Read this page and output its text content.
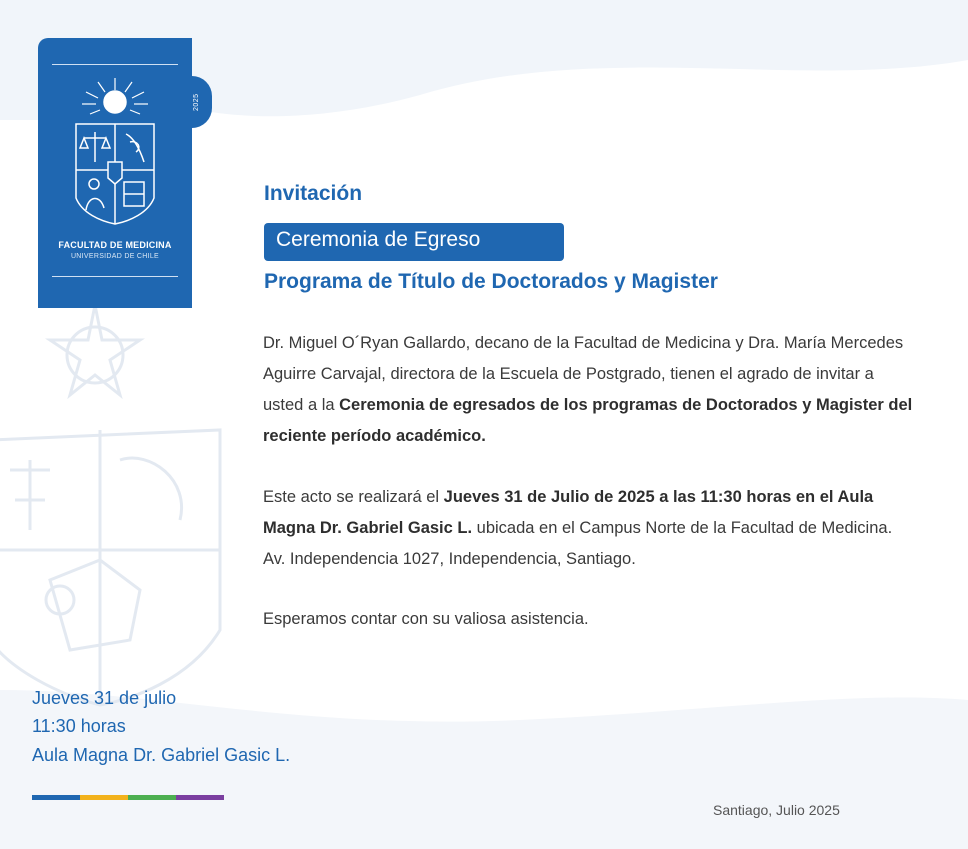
FACULTAD DE MEDICINA
UNIVERSIDAD DE CHILE
2025
Invitación
Ceremonia de Egreso
Programa de Título de Doctorados y Magister
Dr. Miguel O´Ryan Gallardo, decano de la Facultad de Medicina y Dra. María Mercedes Aguirre Carvajal, directora de la Escuela de Postgrado, tienen el agrado de invitar a usted a la Ceremonia de egresados de los programas de Doctorados y Magister del reciente período académico.
Este acto se realizará el Jueves 31 de Julio de 2025 a las 11:30 horas en el Aula Magna Dr. Gabriel Gasic L. ubicada en el Campus Norte de la Facultad de Medicina. Av. Independencia 1027, Independencia, Santiago.
Esperamos contar con su valiosa asistencia.
Jueves 31 de julio
11:30 horas
Aula Magna Dr. Gabriel Gasic L.
Santiago, Julio 2025
